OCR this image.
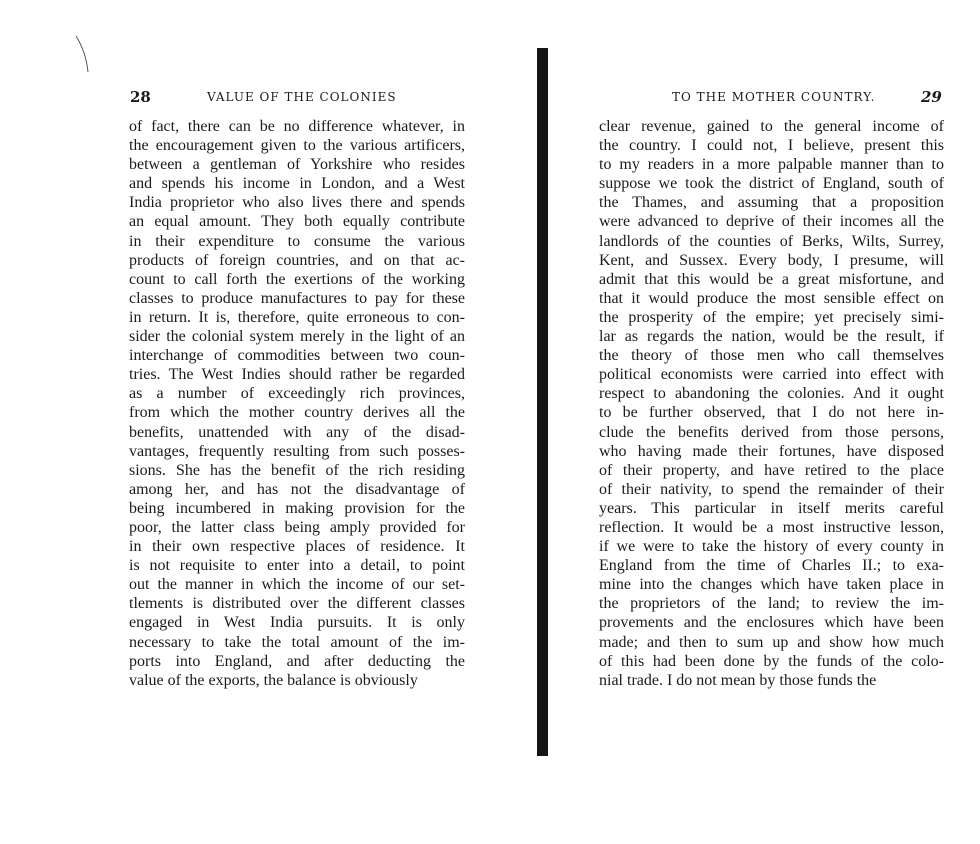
28	VALUE OF THE COLONIES
of fact, there can be no difference whatever, in
the encouragement given to the various artificers,
between a gentleman of Yorkshire who resides
and spends his income in London, and a West
India proprietor who also lives there and spends
an equal amount. They both equally contribute
in their expenditure to consume the various
products of foreign countries, and on that ac-
count to call forth the exertions of the working
classes to produce manufactures to pay for these
in return. It is, therefore, quite erroneous to con-
sider the colonial system merely in the light of an
interchange of commodities between two coun-
tries. The West Indies should rather be regarded
as a number of exceedingly rich provinces,
from which the mother country derives all the
benefits, unattended with any of the disad-
vantages, frequently resulting from such posses-
sions. She has the benefit of the rich residing
among her, and has not the disadvantage of
being incumbered in making provision for the
poor, the latter class being amply provided for
in their own respective places of residence. It
is not requisite to enter into a detail, to point
out the manner in which the income of our set-
tlements is distributed over the different classes
engaged in West India pursuits. It is only
necessary to take the total amount of the im-
ports into England, and after deducting the
value of the exports, the balance is obviously
TO THE MOTHER COUNTRY.	29
clear revenue, gained to the general income of
the country. I could not, I believe, present this
to my readers in a more palpable manner than to
suppose we took the district of England, south of
the Thames, and assuming that a proposition
were advanced to deprive of their incomes all the
landlords of the counties of Berks, Wilts, Surrey,
Kent, and Sussex. Every body, I presume, will
admit that this would be a great misfortune, and
that it would produce the most sensible effect on
the prosperity of the empire; yet precisely simi-
lar as regards the nation, would be the result, if
the theory of those men who call themselves
political economists were carried into effect with
respect to abandoning the colonies. And it ought
to be further observed, that I do not here in-
clude the benefits derived from those persons,
who having made their fortunes, have disposed
of their property, and have retired to the place
of their nativity, to spend the remainder of their
years. This particular in itself merits careful
reflection. It would be a most instructive lesson,
if we were to take the history of every county in
England from the time of Charles II.; to exa-
mine into the changes which have taken place in
the proprietors of the land; to review the im-
provements and the enclosures which have been
made; and then to sum up and show how much
of this had been done by the funds of the colo-
nial trade. I do not mean by those funds the
